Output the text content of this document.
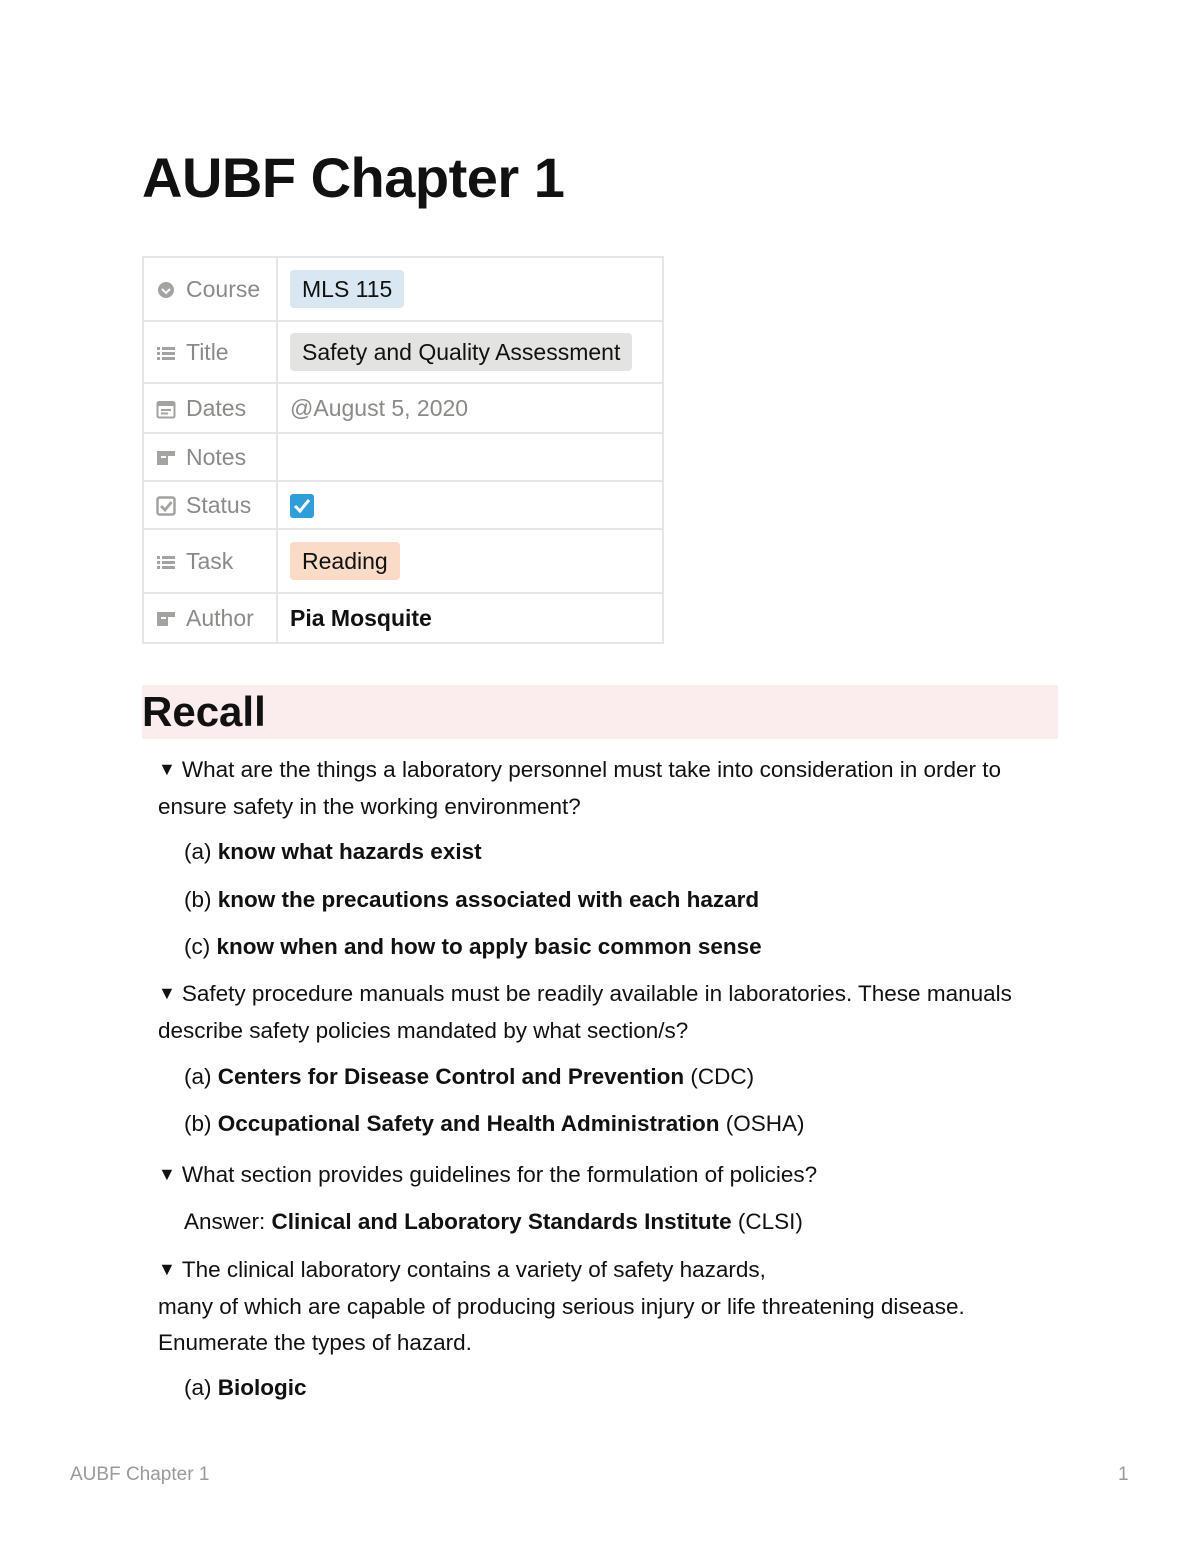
AUBF Chapter 1
Course	MLS 115
Title	Safety and Quality Assessment
Dates	@August 5, 2020
Notes	
Status	

Task	Reading
Author	Pia Mosquite
Recall
▼ What are the things a laboratory personnel must take into consideration in order to ensure safety in the working environment?
(a) know what hazards exist
(b) know the precautions associated with each hazard
(c) know when and how to apply basic common sense
▼ Safety procedure manuals must be readily available in laboratories. These manuals describe safety policies mandated by what section/s?
(a) Centers for Disease Control and Prevention (CDC)
(b) Occupational Safety and Health Administration (OSHA)
▼ What section provides guidelines for the formulation of policies?
Answer: Clinical and Laboratory Standards Institute (CLSI)
▼ The clinical laboratory contains a variety of safety hazards,
many of which are capable of producing serious injury or life threatening disease.
Enumerate the types of hazard.
(a) Biologic
AUBF Chapter 1	1
